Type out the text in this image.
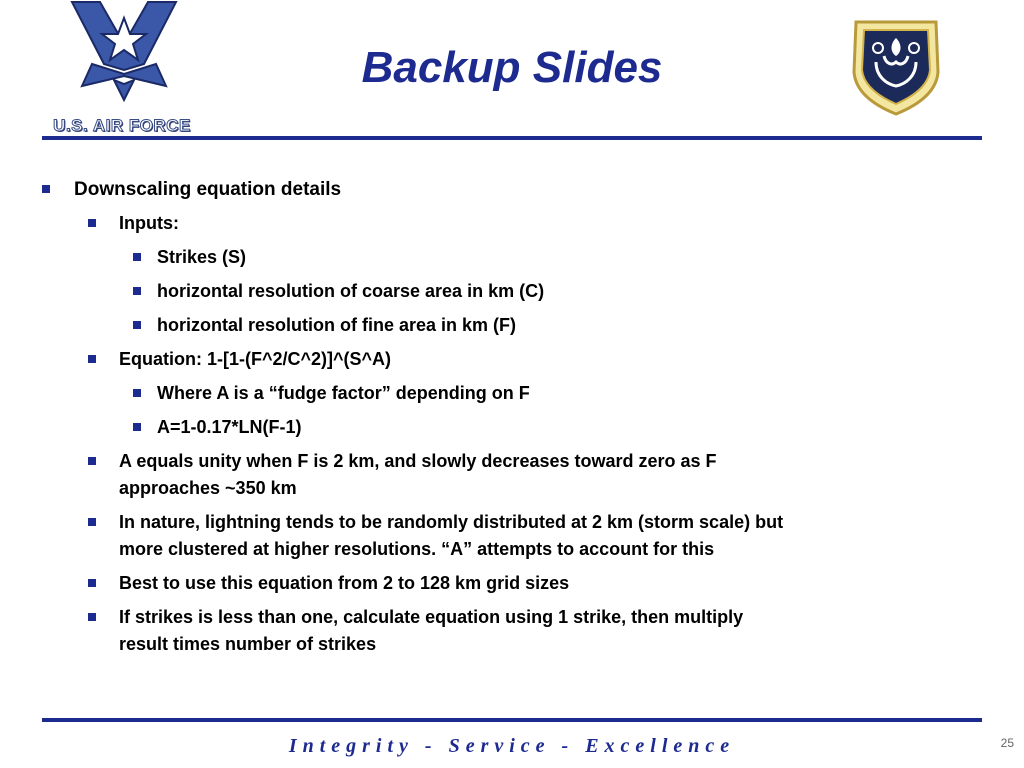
U.S. AIR FORCE
Backup Slides
Downscaling equation details
Inputs:
Strikes (S)
horizontal resolution of coarse area in km (C)
horizontal resolution of fine area in km (F)
Equation: 1-[1-(F^2/C^2)]^(S^A)
Where A is a “fudge factor” depending on F
A=1-0.17*LN(F-1)
A equals unity when F is 2 km, and slowly decreases toward zero as F
approaches ~350 km
In nature, lightning tends to be randomly distributed at 2 km (storm scale) but
more clustered at higher resolutions. “A” attempts to account for this
Best to use this equation from 2 to 128 km grid sizes
If strikes is less than one, calculate equation using 1 strike, then multiply
result times number of strikes
Integrity - Service - Excellence	25
